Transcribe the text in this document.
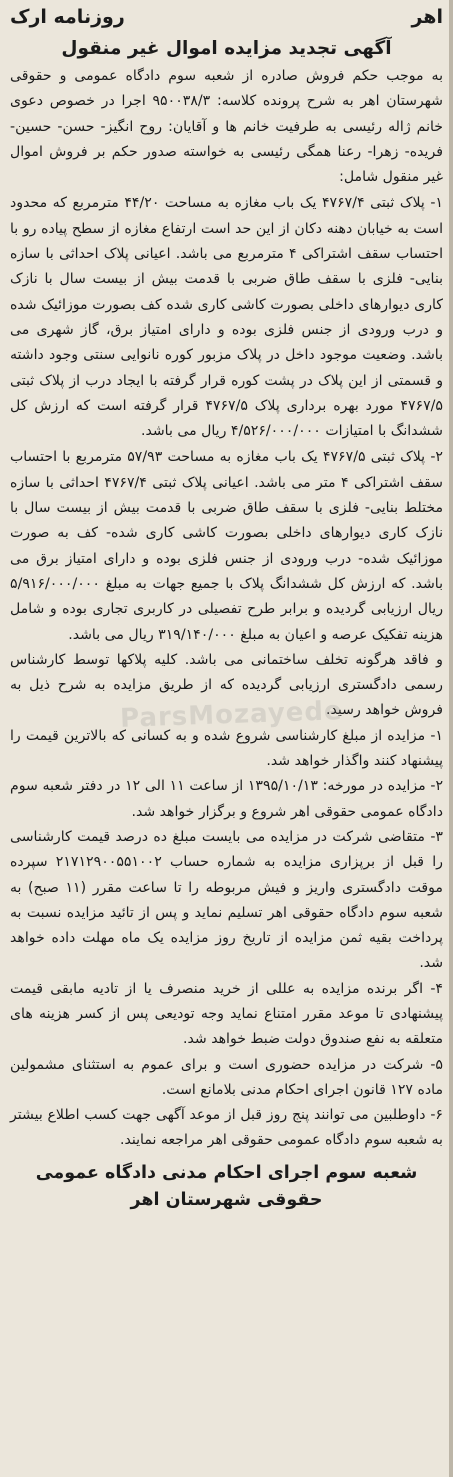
اهر
روزنامه ارک
آگهی تجدید مزایده اموال غیر منقول

به موجب حکم فروش صادره از شعبه سوم دادگاه عمومی و حقوقی شهرستان اهر به شرح پرونده کلاسه: ۹۵۰۰۳۸/۳ اجرا در خصوص دعوی خانم ژاله رئیسی به طرفیت خانم ها و آقایان: روح انگیز- حسن- حسین- فریده- زهرا- رعنا همگی رئیسی به خواسته صدور حکم بر فروش اموال غیر منقول شامل:

۱- پلاک ثبتی ۴۷۶۷/۴ یک باب مغازه به مساحت ۴۴/۲۰ مترمربع که محدود است به خیابان دهنه دکان از این حد است ارتفاع مغازه از سطح پیاده رو با احتساب سقف اشتراکی ۴ مترمربع می باشد. اعیانی پلاک احداثی با سازه بنایی- فلزی با سقف طاق ضربی با قدمت بیش از بیست سال با نازک کاری دیوارهای داخلی بصورت کاشی کاری شده کف بصورت موزائیک شده و درب ورودی از جنس فلزی بوده و دارای امتیاز برق، گاز شهری می باشد. وضعیت موجود داخل در پلاک مزبور کوره نانوایی سنتی وجود داشته و قسمتی از این پلاک در پشت کوره قرار گرفته با ایجاد درب از پلاک ثبتی ۴۷۶۷/۵ مورد بهره برداری پلاک ۴۷۶۷/۵ قرار گرفته است که ارزش کل ششدانگ با امتیازات ۴/۵۲۶/۰۰۰/۰۰۰ ریال می باشد.

۲- پلاک ثبتی ۴۷۶۷/۵ یک باب مغازه به مساحت ۵۷/۹۳ مترمربع با احتساب سقف اشتراکی ۴ متر می باشد. اعیانی پلاک ثبتی ۴۷۶۷/۴ احداثی با سازه مختلط بنایی- فلزی با سقف طاق ضربی با قدمت بیش از بیست سال با نازک کاری دیوارهای داخلی بصورت کاشی کاری شده- کف به صورت موزائیک شده- درب ورودی از جنس فلزی بوده و دارای امتیاز برق می باشد. که ارزش کل ششدانگ پلاک با جمیع جهات به مبلغ ۵/۹۱۶/۰۰۰/۰۰۰ ریال ارزیابی گردیده و برابر طرح تفصیلی در کاربری تجاری بوده و شامل هزینه تفکیک عرصه و اعیان به مبلغ ۳۱۹/۱۴۰/۰۰۰ ریال می باشد.

و فاقد هرگونه تخلف ساختمانی می باشد. کلیه پلاکها توسط کارشناس رسمی دادگستری ارزیابی گردیده که از طریق مزایده به شرح ذیل به فروش خواهد رسید.

۱- مزایده از مبلغ کارشناسی شروع شده و به کسانی که بالاترین قیمت را پیشنهاد کنند واگذار خواهد شد.

۲- مزایده در مورخه: ۱۳۹۵/۱۰/۱۳ از ساعت ۱۱ الی ۱۲ در دفتر شعبه سوم دادگاه عمومی حقوقی اهر شروع و برگزار خواهد شد.

۳- متقاضی شرکت در مزایده می بایست مبلغ ده درصد قیمت کارشناسی را قبل از برپزاری مزایده به شماره حساب ۲۱۷۱۲۹۰۰۵۵۱۰۰۲ سپرده موقت دادگستری واریز و فیش مربوطه را تا ساعت مقرر (۱۱ صبح) به شعبه سوم دادگاه حقوقی اهر تسلیم نماید و پس از تائید مزایده نسبت به پرداخت بقیه ثمن مزایده از تاریخ روز مزایده یک ماه مهلت داده خواهد شد.

۴- اگر برنده مزایده به عللی از خرید منصرف یا از تادیه مابقی قیمت پیشنهادی تا موعد مقرر امتناع نماید وجه تودیعی پس از کسر هزینه های متعلقه به نفع صندوق دولت ضبط خواهد شد.

۵- شرکت در مزایده حضوری است و برای عموم به استثنای مشمولین ماده ۱۲۷ قانون اجرای احکام مدنی بلامانع است.

۶- داوطلبین می توانند پنج روز قبل از موعد آگهی جهت کسب اطلاع بیشتر به شعبه سوم دادگاه عمومی حقوقی اهر مراجعه نمایند.

شعبه سوم اجرای احکام مدنی دادگاه عمومی
حقوقی شهرستان اهر
